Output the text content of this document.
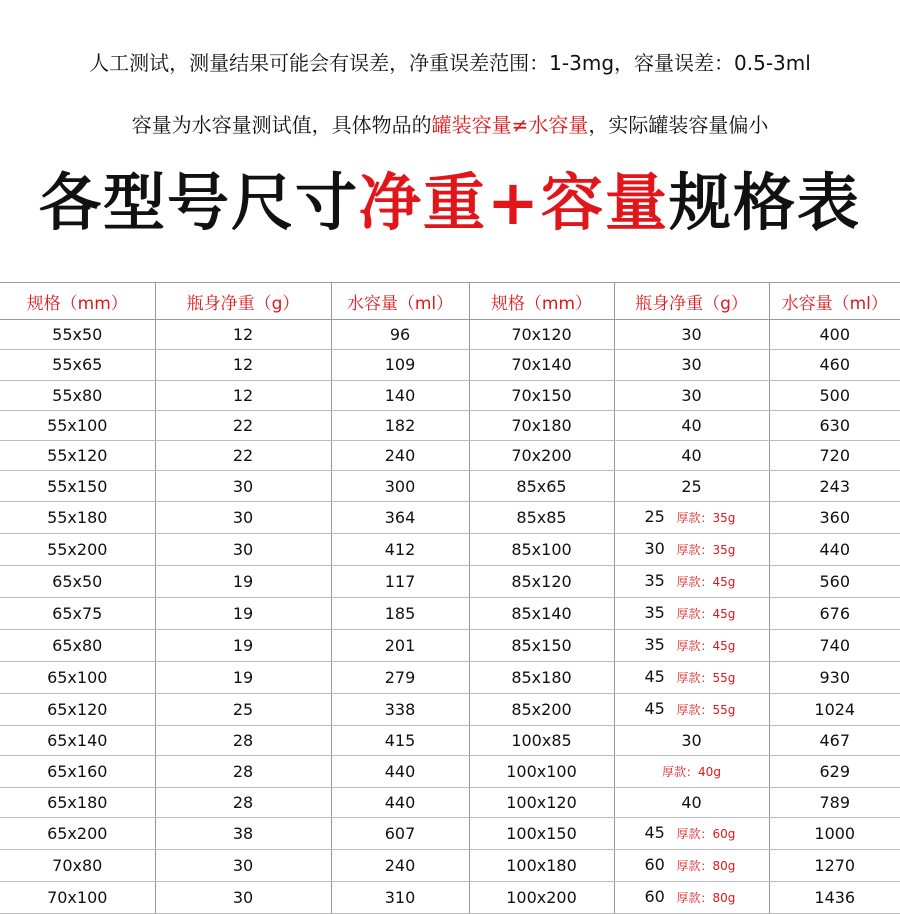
人工测试，测量结果可能会有误差，净重误差范围：1-3mg，容量误差：0.5-3ml
容量为水容量测试值，具体物品的罐装容量≠水容量，实际罐装容量偏小
各型号尺寸净重+容量规格表
规格（mm）	瓶身净重（g）	水容量（ml）	规格（mm）	瓶身净重（g）	水容量（ml）
55x50	12	96	70x120	30	400
55x65	12	109	70x140	30	460
55x80	12	140	70x150	30	500
55x100	22	182	70x180	40	630
55x120	22	240	70x200	40	720
55x150	30	300	85x65	25	243
55x180	30	364	85x85	25 厚款：35g	360
55x200	30	412	85x100	30 厚款：35g	440
65x50	19	117	85x120	35 厚款：45g	560
65x75	19	185	85x140	35 厚款：45g	676
65x80	19	201	85x150	35 厚款：45g	740
65x100	19	279	85x180	45 厚款：55g	930
65x120	25	338	85x200	45 厚款：55g	1024
65x140	28	415	100x85	30	467
65x160	28	440	100x100	厚款：40g	629
65x180	28	440	100x120	40	789
65x200	38	607	100x150	45 厚款：60g	1000
70x80	30	240	100x180	60 厚款：80g	1270
70x100	30	310	100x200	60 厚款：80g	1436
